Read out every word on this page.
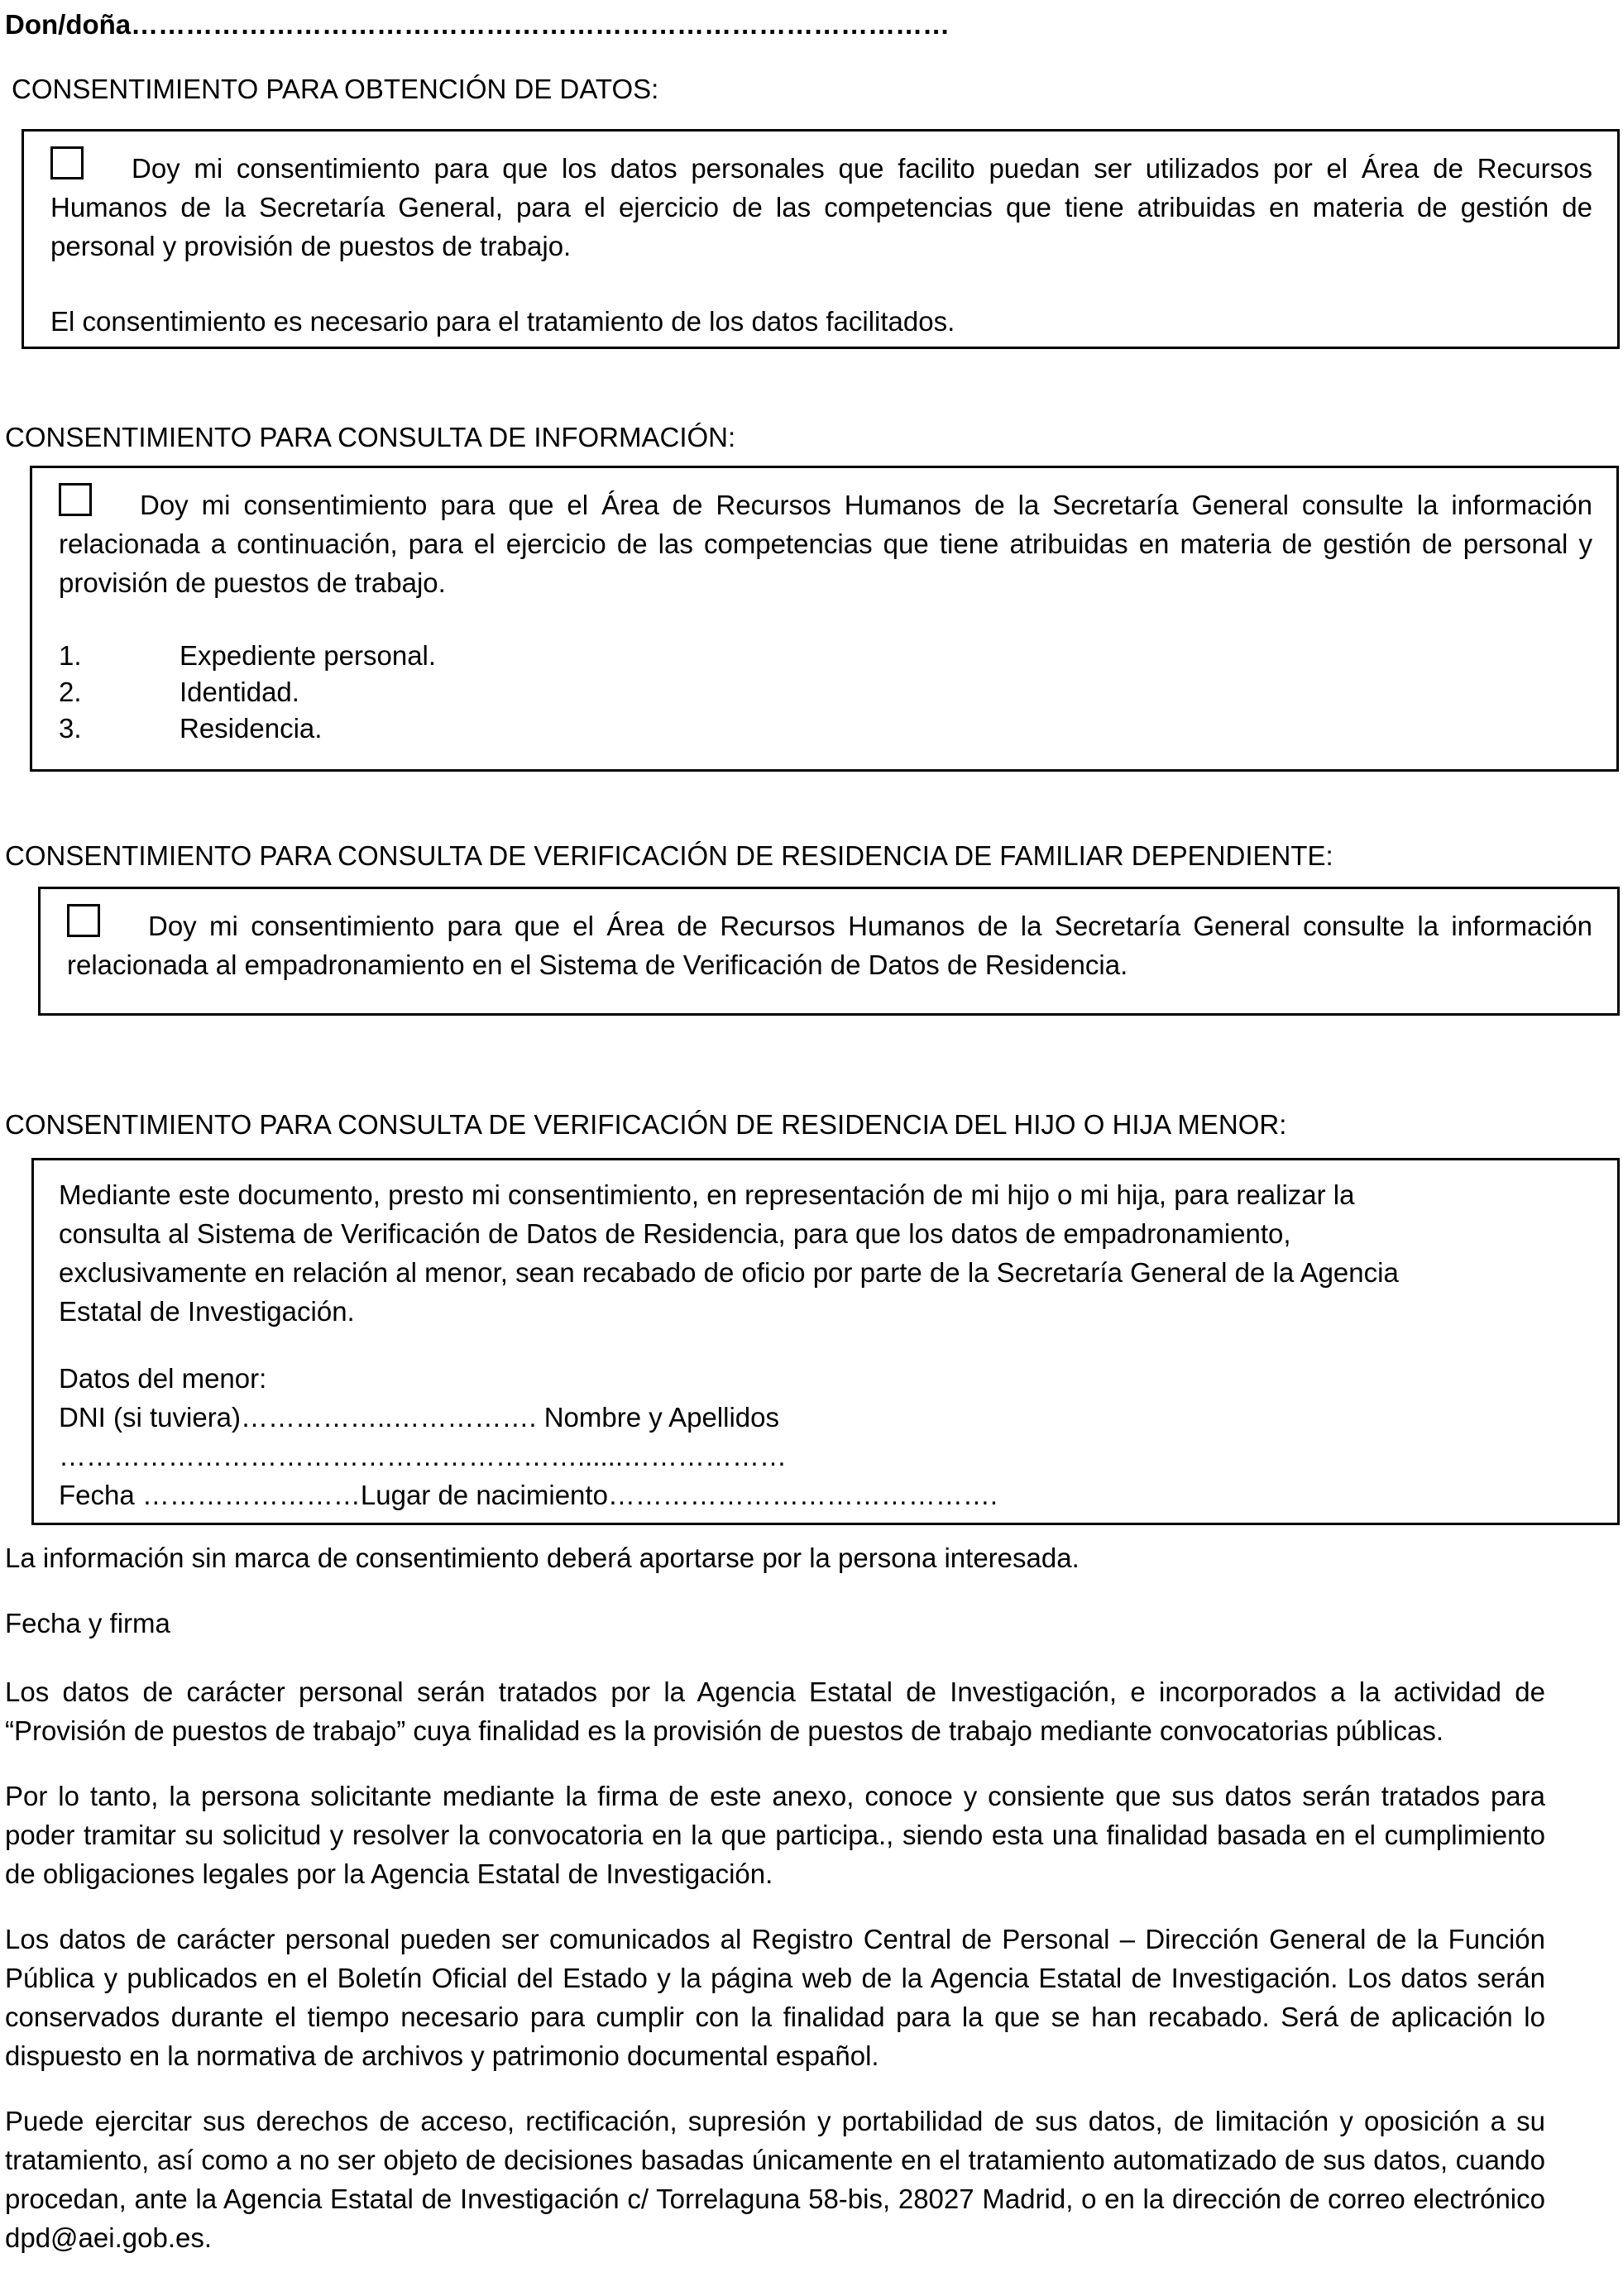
Don/doña………………………………………………………………………………
CONSENTIMIENTO PARA OBTENCIÓN DE DATOS:

Doy mi consentimiento para que los datos personales que facilito puedan ser utilizados por el Área de Recursos Humanos de la Secretaría General, para el ejercicio de las competencias que tiene atribuidas en materia de gestión de personal y provisión de puestos de trabajo.

El consentimiento es necesario para el tratamiento de los datos facilitados.

CONSENTIMIENTO PARA CONSULTA DE INFORMACIÓN:

Doy mi consentimiento para que el Área de Recursos Humanos de la Secretaría General consulte la información relacionada a continuación, para el ejercicio de las competencias que tiene atribuidas en materia de gestión de personal y provisión de puestos de trabajo.

1.	Expediente personal.
2.	Identidad.
3.	Residencia.
CONSENTIMIENTO PARA CONSULTA DE VERIFICACIÓN DE RESIDENCIA DE FAMILIAR DEPENDIENTE:

Doy mi consentimiento para que el Área de Recursos Humanos de la Secretaría General consulte la información relacionada al empadronamiento en el Sistema de Verificación de Datos de Residencia.

CONSENTIMIENTO PARA CONSULTA DE VERIFICACIÓN DE RESIDENCIA DEL HIJO O HIJA MENOR:
Mediante este documento, presto mi consentimiento, en representación de mi hijo o mi hija, para realizar la
consulta al Sistema de Verificación de Datos de Residencia, para que los datos de empadronamiento,
exclusivamente en relación al menor, sean recabado de oficio por parte de la Secretaría General de la Agencia
Estatal de Investigación.
Datos del menor:
DNI (si tuviera)……………..……………. Nombre y Apellidos
…………………………………………………......………………
Fecha ……………………Lugar de nacimiento…………………………………….
La información sin marca de consentimiento deberá aportarse por la persona interesada.
Fecha y firma

Los datos de carácter personal serán tratados por la Agencia Estatal de Investigación, e incorporados a la actividad de “Provisión de puestos de trabajo” cuya finalidad es la provisión de puestos de trabajo mediante convocatorias públicas.

Por lo tanto, la persona solicitante mediante la firma de este anexo, conoce y consiente que sus datos serán tratados para poder tramitar su solicitud y resolver la convocatoria en la que participa., siendo esta una finalidad basada en el cumplimiento de obligaciones legales por la Agencia Estatal de Investigación.

Los datos de carácter personal pueden ser comunicados al Registro Central de Personal – Dirección General de la Función Pública y publicados en el Boletín Oficial del Estado y la página web de la Agencia Estatal de Investigación. Los datos serán conservados durante el tiempo necesario para cumplir con la finalidad para la que se han recabado. Será de aplicación lo dispuesto en la normativa de archivos y patrimonio documental español.

Puede ejercitar sus derechos de acceso, rectificación, supresión y portabilidad de sus datos, de limitación y oposición a su tratamiento, así como a no ser objeto de decisiones basadas únicamente en el tratamiento automatizado de sus datos, cuando procedan, ante la Agencia Estatal de Investigación c/ Torrelaguna 58-bis, 28027 Madrid, o en la dirección de correo electrónico dpd@aei.gob.es.
